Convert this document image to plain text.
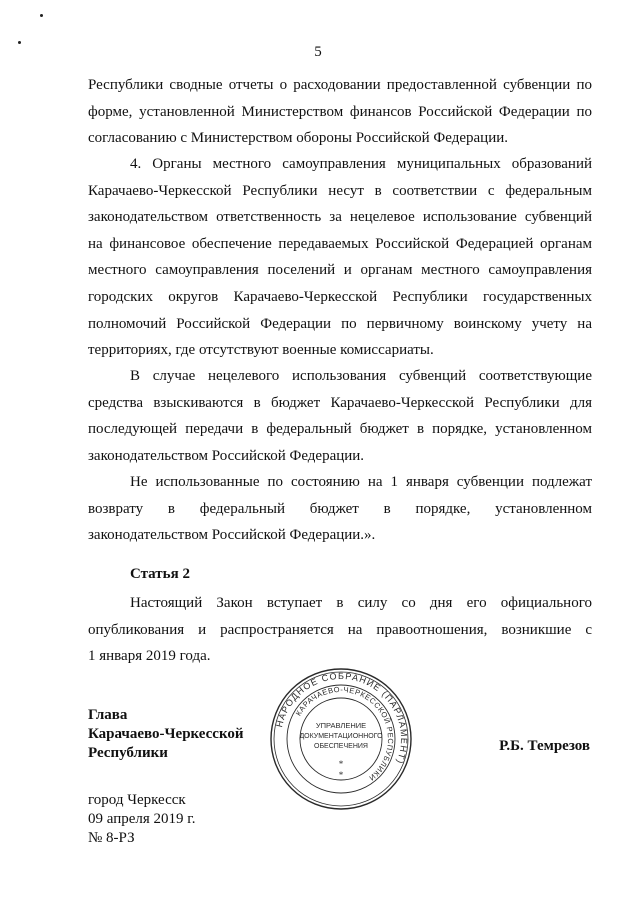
5
Республики сводные отчеты о расходовании предоставленной субвенции по
форме, установленной Министерством финансов Российской Федерации по
согласованию с Министерством обороны Российской Федерации.
4. Органы местного самоуправления муниципальных образований
Карачаево-Черкесской Республики несут в соответствии с федеральным
законодательством ответственность за нецелевое использование субвенций
на финансовое обеспечение передаваемых Российской Федерацией органам
местного самоуправления поселений и органам местного самоуправления
городских округов Карачаево-Черкесской Республики государственных
полномочий Российской Федерации по первичному воинскому учету на
территориях, где отсутствуют военные комиссариаты.
В случае нецелевого использования субвенций соответствующие
средства взыскиваются в бюджет Карачаево-Черкесской Республики для
последующей передачи в федеральный бюджет в порядке, установленном
законодательством Российской Федерации.
Не использованные по состоянию на 1 января субвенции подлежат
возврату в федеральный бюджет в порядке, установленном
законодательством Российской Федерации.».
Статья 2
Настоящий Закон вступает в силу со дня его официального
опубликования и распространяется на правоотношения, возникшие с
1 января 2019 года.
Глава
Карачаево-Черкесской
Республики	Р.Б. Темрезов
НАРОДНОЕ СОБРАНИЕ (ПАРЛАМЕНТ)
КАРАЧАЕВО-ЧЕРКЕССКОЙ РЕСПУБЛИКИ
УПРАВЛЕНИЕ
ДОКУМЕНТАЦИОННОГО
ОБЕСПЕЧЕНИЯ
*
*
город Черкесск
09 апреля 2019 г.
№ 8-РЗ
